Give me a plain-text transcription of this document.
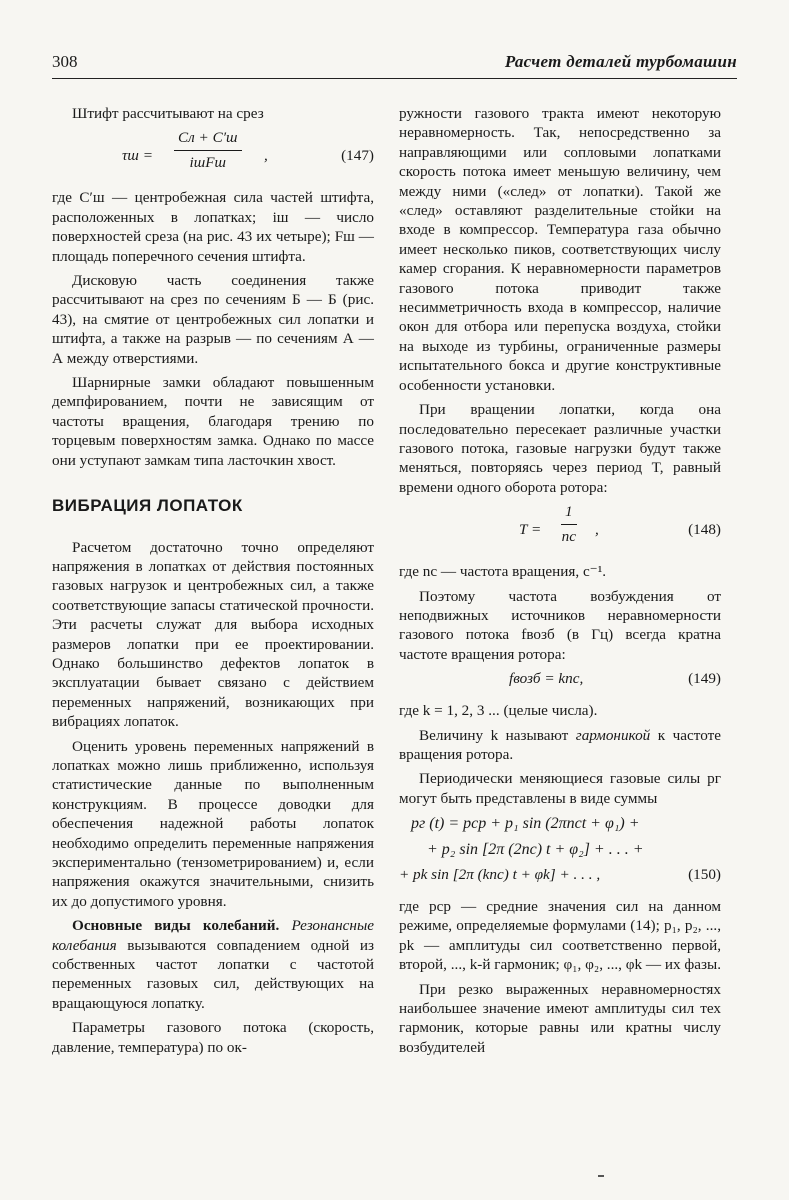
308	Расчет деталей турбомашин

Штифт рассчитывают на срез

τш =
Cл + C′ш
iшFш	,	(147)

где C′ш — центробежная сила частей штифта, расположенных в лопатках; iш — число поверхностей среза (на рис. 43 их четыре); Fш — площадь поперечного сечения штифта.

Дисковую часть соединения также рассчитывают на срез по сечениям Б — Б (рис. 43), на смятие от центробежных сил лопатки и штифта, а также на разрыв — по сечениям А — А между отверстиями.

Шарнирные замки обладают повышенным демпфированием, почти не зависящим от частоты вращения, благодаря трению по торцевым поверхностям замка. Однако по массе они уступают замкам типа ласточкин хвост.

ВИБРАЦИЯ ЛОПАТОК

Расчетом достаточно точно определяют напряжения в лопатках от действия постоянных газовых нагрузок и центробежных сил, а также соответствующие запасы статической прочности. Эти расчеты служат для выбора исходных размеров лопатки при ее проектировании. Однако большинство дефектов лопаток в эксплуатации бывает связано с действием переменных напряжений, возникающих при вибрациях лопаток.

Оценить уровень переменных напряжений в лопатках можно лишь приближенно, используя статистические данные по выполненным конструкциям. В процессе доводки для обеспечения надежной работы лопаток необходимо определить переменные напряжения экспериментально (тензометрированием) и, если напряжения окажутся значительными, снизить их до допустимого уровня.

Основные виды колебаний. Резонансные колебания вызываются совпадением одной из собственных частот лопатки с частотой переменных газовых сил, действующих на вращающуюся лопатку.

Параметры газового потока (скорость, давление, температура) по ок-

ружности газового тракта имеют некоторую неравномерность. Так, непосредственно за направляющими или сопловыми лопатками скорость потока имеет меньшую величину, чем между ними («след» от лопатки). Такой же «след» оставляют разделительные стойки на входе в компрессор. Температура газа обычно имеет несколько пиков, соответствующих числу камер сгорания. К неравномерности параметров газового потока приводит также несимметричность входа в компрессор, наличие окон для отбора или перепуска воздуха, стойки на выходе из турбины, ограниченные размеры испытательного бокса и другие конструктивные особенности установки.

При вращении лопатки, когда она последовательно пересекает различные участки газового потока, газовые нагрузки будут также меняться, повторяясь через период T, равный времени одного оборота ротора:

T =
1
nс ,	(148)

где nс — частота вращения, с⁻¹.

Поэтому частота возбуждения от неподвижных источников неравномерности газового потока fвозб (в Гц) всегда кратна частоте вращения ротора:

fвозб = knс,	(149)

где k = 1, 2, 3 ... (целые числа).

Величину k называют гармоникой к частоте вращения ротора.

Периодически меняющиеся газовые силы pг могут быть представлены в виде суммы

pг (t) = pср + p₁ sin (2πnсt + φ₁) +
+ p₂ sin [2π (2nс) t + φ₂] + . . . +
+ pk sin [2π (knс) t + φk] + . . . ,	(150)

где pср — средние значения сил на данном режиме, определяемые формулами (14); p₁, p₂, ..., pk — амплитуды сил соответственно первой, второй, ..., k-й гармоник; φ₁, φ₂, ..., φk — их фазы.

При резко выраженных неравномерностях наибольшее значение имеют амплитуды сил тех гармоник, которые равны или кратны числу возбудителей
